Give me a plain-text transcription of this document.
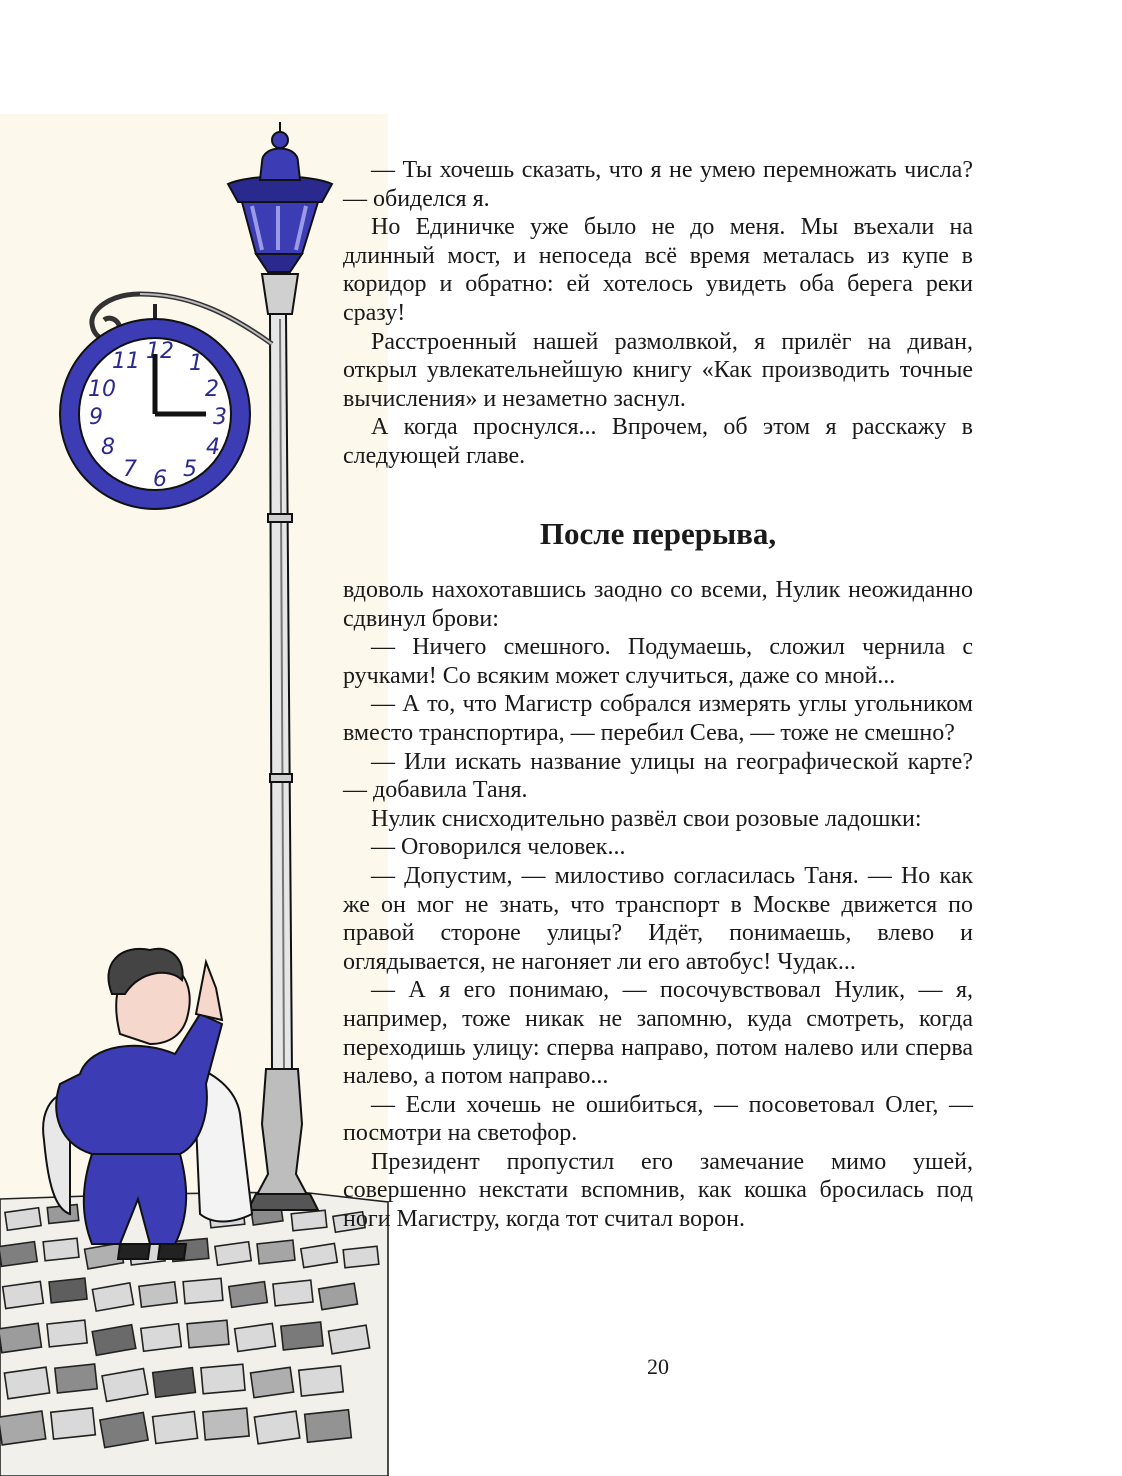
12 1
2
3
4
5
6
7
8
9
10
11

— Ты хочешь сказать, что я не умею перемножать числа? — обиделся я.

Но Единичке уже было не до меня. Мы въехали на длинный мост, и непоседа всё время металась из купе в коридор и обратно: ей хотелось увидеть оба берега реки сразу!

Расстроенный нашей размолвкой, я прилёг на диван, открыл увлекательнейшую книгу «Как производить точные вычисления» и незаметно заснул.

А когда проснулся... Впрочем, об этом я расскажу в следующей главе.

После перерыва,

вдоволь нахохотавшись заодно со всеми, Нулик неожиданно сдвинул брови:

— Ничего смешного. Подумаешь, сложил чернила с ручками! Со всяким может случиться, даже со мной...

— А то, что Магистр собрался измерять углы угольником вместо транспортира, — перебил Сева, — тоже не смешно?

— Или искать название улицы на географической карте? — добавила Таня.

Нулик снисходительно развёл свои розовые ладошки:

— Оговорился человек...

— Допустим, — милостиво согласилась Таня. — Но как же он мог не знать, что транспорт в Москве движется по правой стороне улицы? Идёт, понимаешь, влево и оглядывается, не нагоняет ли его автобус! Чудак...

— А я его понимаю, — посочувствовал Нулик, — я, например, тоже никак не запомню, куда смотреть, когда переходишь улицу: сперва направо, потом налево или сперва налево, а потом направо...

— Если хочешь не ошибиться, — посоветовал Олег, — посмотри на светофор.

Президент пропустил его замечание мимо ушей, совершенно некстати вспомнив, как кошка бросилась под ноги Магистру, когда тот считал ворон.

20
